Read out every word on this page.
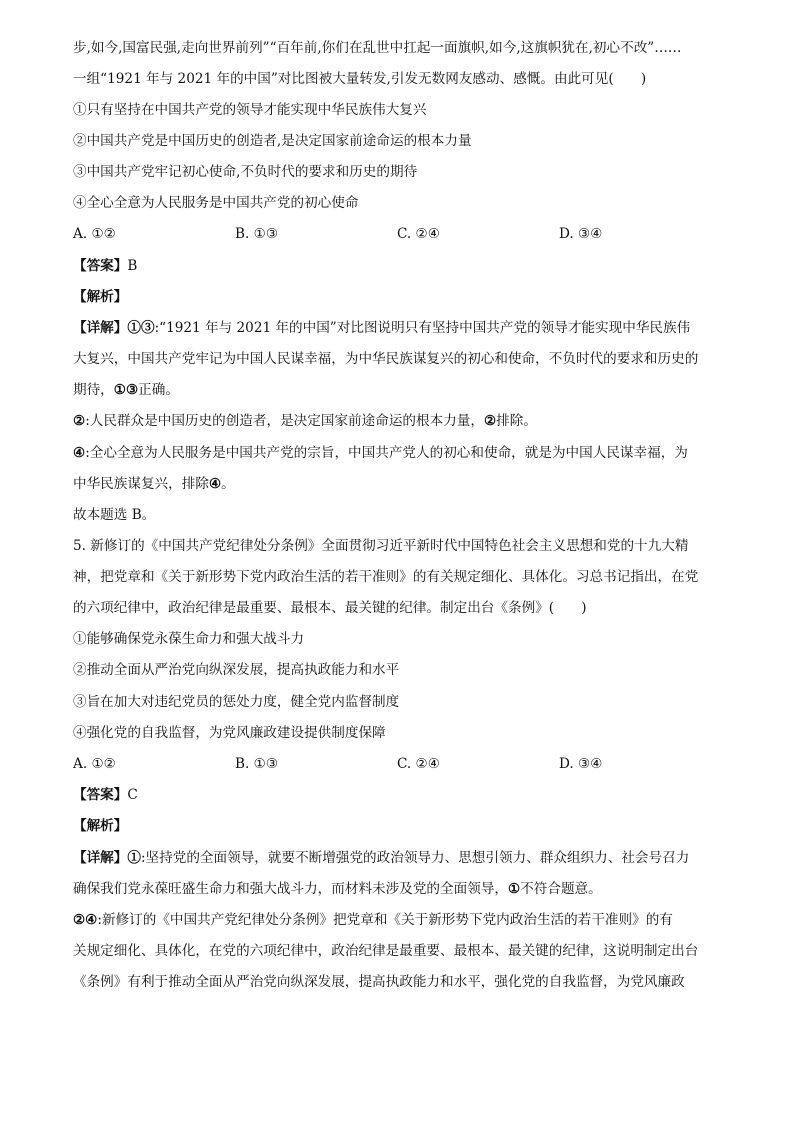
步,如今,国富民强,走向世界前列”“百年前,你们在乱世中扛起一面旗帜,如今,这旗帜犹在,初心不改”……
一组“1921 年与 2021 年的中国”对比图被大量转发,引发无数网友感动、感慨。由此可见(　　)
①只有坚持在中国共产党的领导才能实现中华民族伟大复兴
②中国共产党是中国历史的创造者,是决定国家前途命运的根本力量
③中国共产党牢记初心使命,不负时代的要求和历史的期待
④全心全意为人民服务是中国共产党的初心使命
A. ①②	B. ①③	C. ②④	D. ③④
【答案】B
【解析】
【详解】①③:“1921 年与 2021 年的中国”对比图说明只有坚持中国共产党的领导才能实现中华民族伟
大复兴，中国共产党牢记为中国人民谋幸福，为中华民族谋复兴的初心和使命，不负时代的要求和历史的
期待，①③正确。
②:人民群众是中国历史的创造者，是决定国家前途命运的根本力量，②排除。
④:全心全意为人民服务是中国共产党的宗旨，中国共产党人的初心和使命，就是为中国人民谋幸福，为
中华民族谋复兴，排除④。
故本题选 B。
5. 新修订的《中国共产党纪律处分条例》全面贯彻习近平新时代中国特色社会主义思想和党的十九大精
神，把党章和《关于新形势下党内政治生活的若干准则》的有关规定细化、具体化。习总书记指出，在党
的六项纪律中，政治纪律是最重要、最根本、最关键的纪律。制定出台《条例》(　　)
①能够确保党永葆生命力和强大战斗力
②推动全面从严治党向纵深发展，提高执政能力和水平
③旨在加大对违纪党员的惩处力度，健全党内监督制度
④强化党的自我监督，为党风廉政建设提供制度保障
A. ①②	B. ①③	C. ②④	D. ③④
【答案】C
【解析】
【详解】①:坚持党的全面领导，就要不断增强党的政治领导力、思想引领力、群众组织力、社会号召力
确保我们党永葆旺盛生命力和强大战斗力，而材料未涉及党的全面领导，①不符合题意。
②④:新修订的《中国共产党纪律处分条例》把党章和《关于新形势下党内政治生活的若干准则》的有
关规定细化、具体化，在党的六项纪律中，政治纪律是最重要、最根本、最关键的纪律，这说明制定出台
《条例》有利于推动全面从严治党向纵深发展，提高执政能力和水平，强化党的自我监督，为党风廉政
